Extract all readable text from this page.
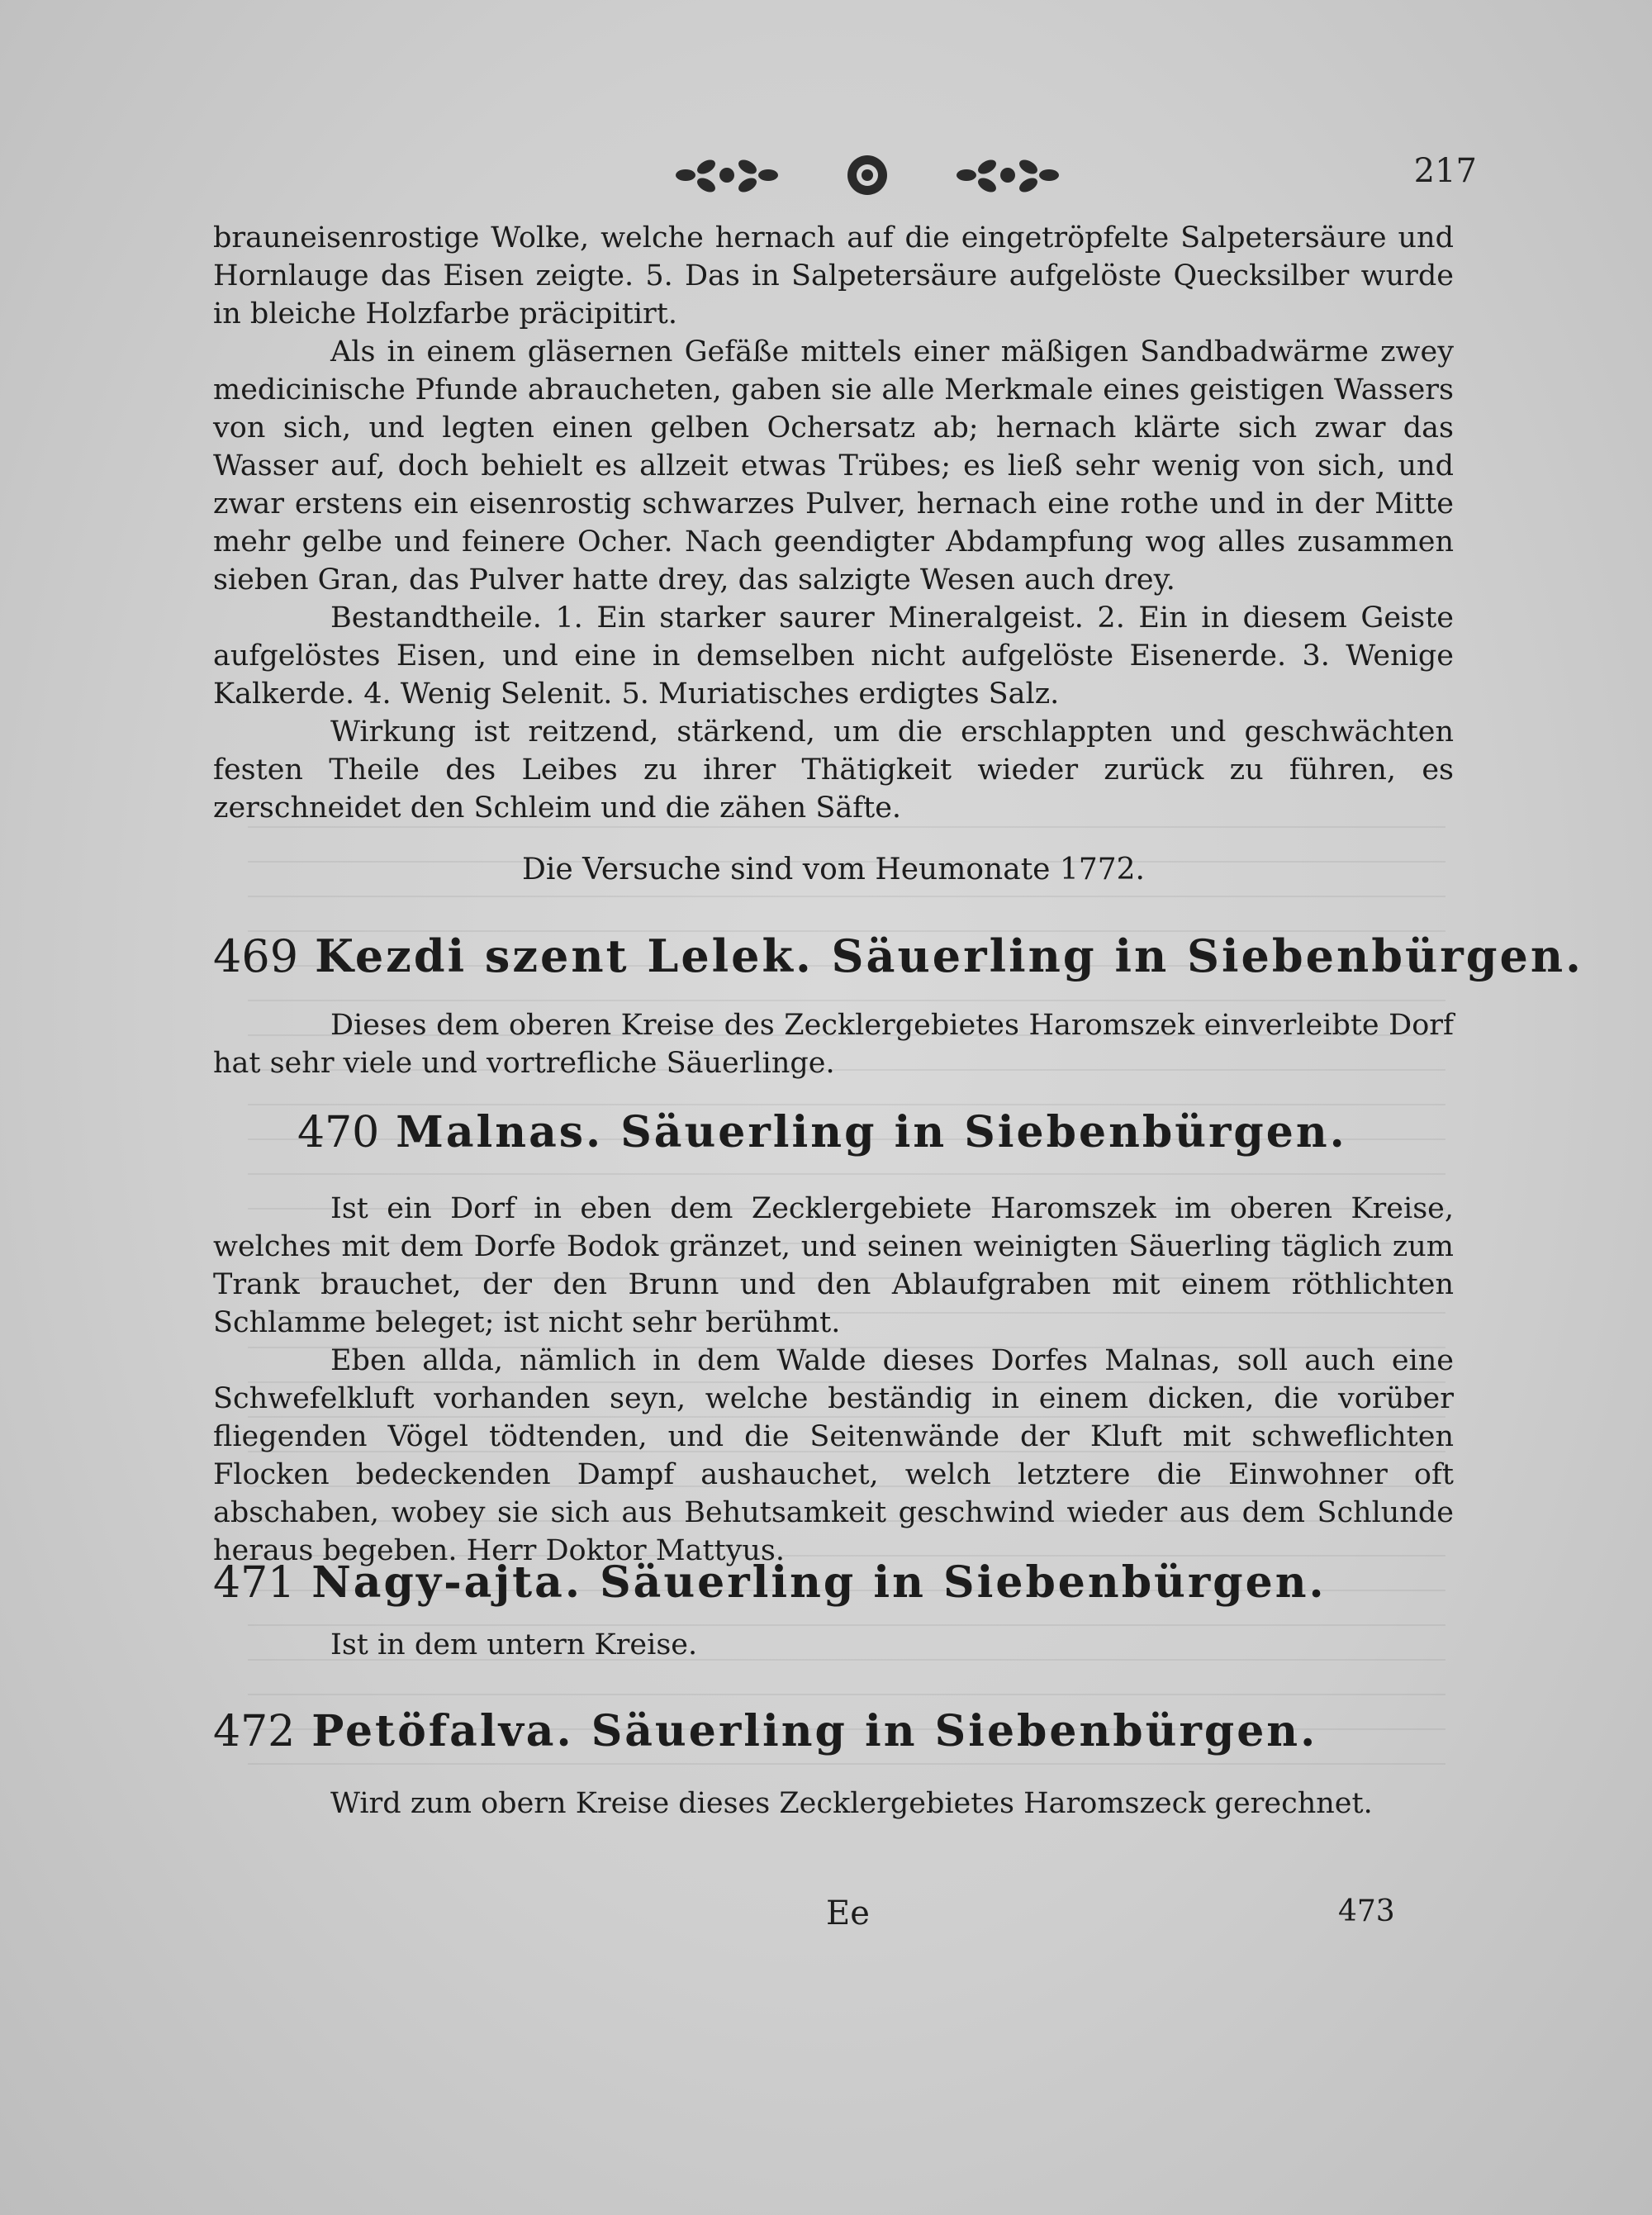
217

brauneisenrostige Wolke, welche hernach auf die eingetröpfelte Salpetersäure und Hornlauge das Eisen zeigte. 5. Das in Salpetersäure aufgelöste Quecksilber wurde in bleiche Holzfarbe präcipitirt.

Als in einem gläsernen Gefäße mittels einer mäßigen Sandbadwärme zwey medicinische Pfunde abraucheten, gaben sie alle Merkmale eines geistigen Wassers von sich, und legten einen gelben Ochersatz ab; hernach klärte sich zwar das Wasser auf, doch behielt es allzeit etwas Trübes; es ließ sehr wenig von sich, und zwar erstens ein eisenrostig schwarzes Pulver, hernach eine rothe und in der Mitte mehr gelbe und feinere Ocher. Nach geendigter Abdampfung wog alles zusammen sieben Gran, das Pulver hatte drey, das salzigte Wesen auch drey.

Bestandtheile. 1. Ein starker saurer Mineralgeist. 2. Ein in diesem Geiste aufgelöstes Eisen, und eine in demselben nicht aufgelöste Eisenerde. 3. Wenige Kalkerde. 4. Wenig Selenit. 5. Muriatisches erdigtes Salz.

Wirkung ist reitzend, stärkend, um die erschlappten und geschwächten festen Theile des Leibes zu ihrer Thätigkeit wieder zurück zu führen, es zerschneidet den Schleim und die zähen Säfte.

Die Versuche sind vom Heumonate 1772.
469 Kezdi szent Lelek. Säuerling in Siebenbürgen.

Dieses dem oberen Kreise des Zecklergebietes Haromszek einverleibte Dorf hat sehr viele und vortrefliche Säuerlinge.

470 Malnas. Säuerling in Siebenbürgen.

Ist ein Dorf in eben dem Zecklergebiete Haromszek im oberen Kreise, welches mit dem Dorfe Bodok gränzet, und seinen weinigten Säuerling täglich zum Trank brauchet, der den Brunn und den Ablaufgraben mit einem röthlichten Schlamme beleget; ist nicht sehr berühmt.

Eben allda, nämlich in dem Walde dieses Dorfes Malnas, soll auch eine Schwefelkluft vorhanden seyn, welche beständig in einem dicken, die vorüber fliegenden Vögel tödtenden, und die Seitenwände der Kluft mit schweflichten Flocken bedeckenden Dampf aushauchet, welch letztere die Einwohner oft abschaben, wobey sie sich aus Behutsamkeit geschwind wieder aus dem Schlunde heraus begeben. Herr Doktor Mattyus.

471 Nagy-ajta. Säuerling in Siebenbürgen.

Ist in dem untern Kreise.

472 Petöfalva. Säuerling in Siebenbürgen.

Wird zum obern Kreise dieses Zecklergebietes Haromszeck gerechnet.

Ee	473
